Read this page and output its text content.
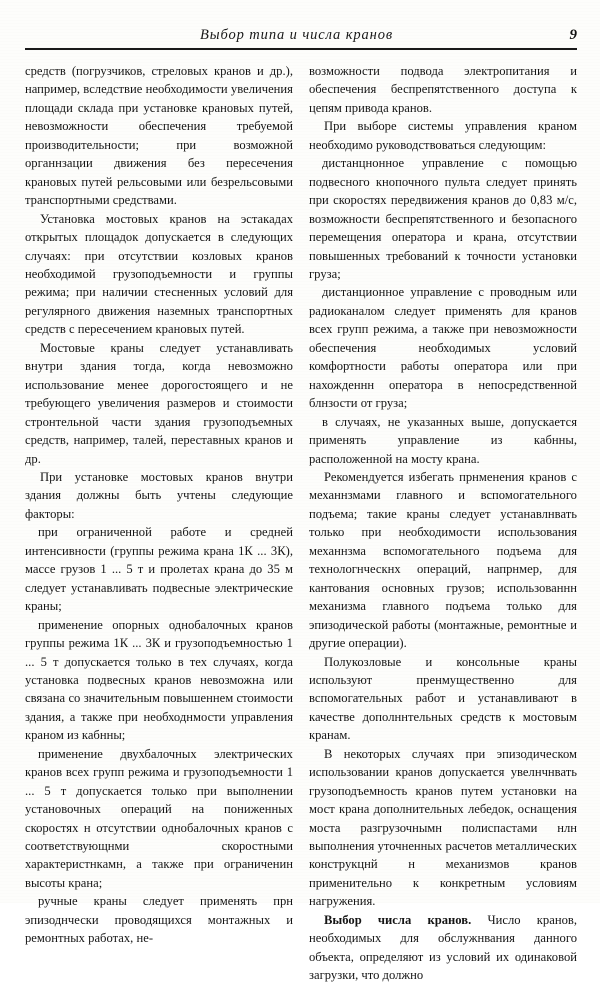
Выбор типа и числа кранов	9

средств (погрузчиков, стреловых кранов и др.), например, вследствие необходимости увеличения площади склада при установке крановых путей, невозможности обеспечения требуемой производительности; при возможной органнзации движения без пересечения крановых путей рельсовыми или безрельсовыми транспортными средствами.

Установка мостовых кранов на эстакадах открытых площадок допускается в следующих случаях: при отсутствии козловых кранов необходимой грузоподъемности и группы режима; при наличии стесненных условий для регулярного движения наземных транспортных средств с пересечением крановых путей.

Мостовые краны следует устанавливать внутри здания тогда, когда невозможно использование менее дорогостоящего и не требующего увеличения размеров и стоимости стронтельной части здания грузоподъемных средств, например, талей, переставных кранов и др.

При установке мостовых кранов внутри здания должны быть учтены следующие факторы:

при ограниченной работе и средней интенсивности (группы режима крана 1К ... 3К), массе грузов 1 ... 5 т и пролетах крана до 35 м следует устанавливать подвесные электрические краны;

применение опорных однобалочных кранов группы режима 1К ... 3К и грузоподъемностью 1 ... 5 т допускается только в тех случаях, когда установка подвесных кранов невозможна или связана со значительным повышеннем стоимости здания, а также при необходнмости управления краном из кабнны;

применение двухбалочных электрических кранов всех групп режима и грузоподъемности 1 ... 5 т допускается только при выполнении установочных операций на пониженных скоростях н отсутствии однобалочных кранов с соответствующнми скоростными характеристнкамн, а также при ограниченин высоты крана;

ручные краны следует применять прн эпизоднчески проводящихся монтажных и ремонтных работах, не-

возможности подвода электропитания и обеспечения беспрепятственного доступа к цепям привода кранов.

При выборе системы управления краном необходимо руководствоваться следующим:

дистанцнонное управление с помощью подвесного кнопочного пульта следует принять при скоростях передвижения кранов до 0,83 м/с, возможности беспрепятственного и безопасного перемещения оператора и крана, отсутствии повышенных требований к точности установки груза;

дистанционное управление с проводным или радиоканалом следует применять для кранов всех групп режима, а также при невозможности обеспечения необходимых условий комфортности работы оператора или при нахожденнн оператора в непосредственной блнзости от груза;

в случаях, не указанных выше, допускается применять управление из кабнны, расположенной на мосту крана.

Рекомендуется избегать прнменения кранов с механнзмами главного и вспомогательного подъема; такие краны следует устанавлнвать только при необходимости использования механнзма вспомогательного подъема для технологнческнх операций, напрнмер, для кантования основных грузов; использованнн механизма главного подъема только для эпизодической работы (монтажные, ремонтные и другие операции).

Полукозловые и консольные краны используют пренмущественно для вспомогательных работ и устанавливают в качестве дополннтельных средств к мостовым кранам.

В некоторых случаях при эпизодическом использовании кранов допускается увелнчнвать грузоподъемность кранов путем установки на мост крана дополнительных лебедок, оснащения моста разгрузочнымн полиспастами нлн выполнения уточненных расчетов металлических конструкцнй н механизмов кранов применительно к конкретным условиям нагружения.

Выбор числа кранов. Число кранов, необходимых для обслужнвания данного объекта, определяют из условий их одинаковой загрузки, что должно
